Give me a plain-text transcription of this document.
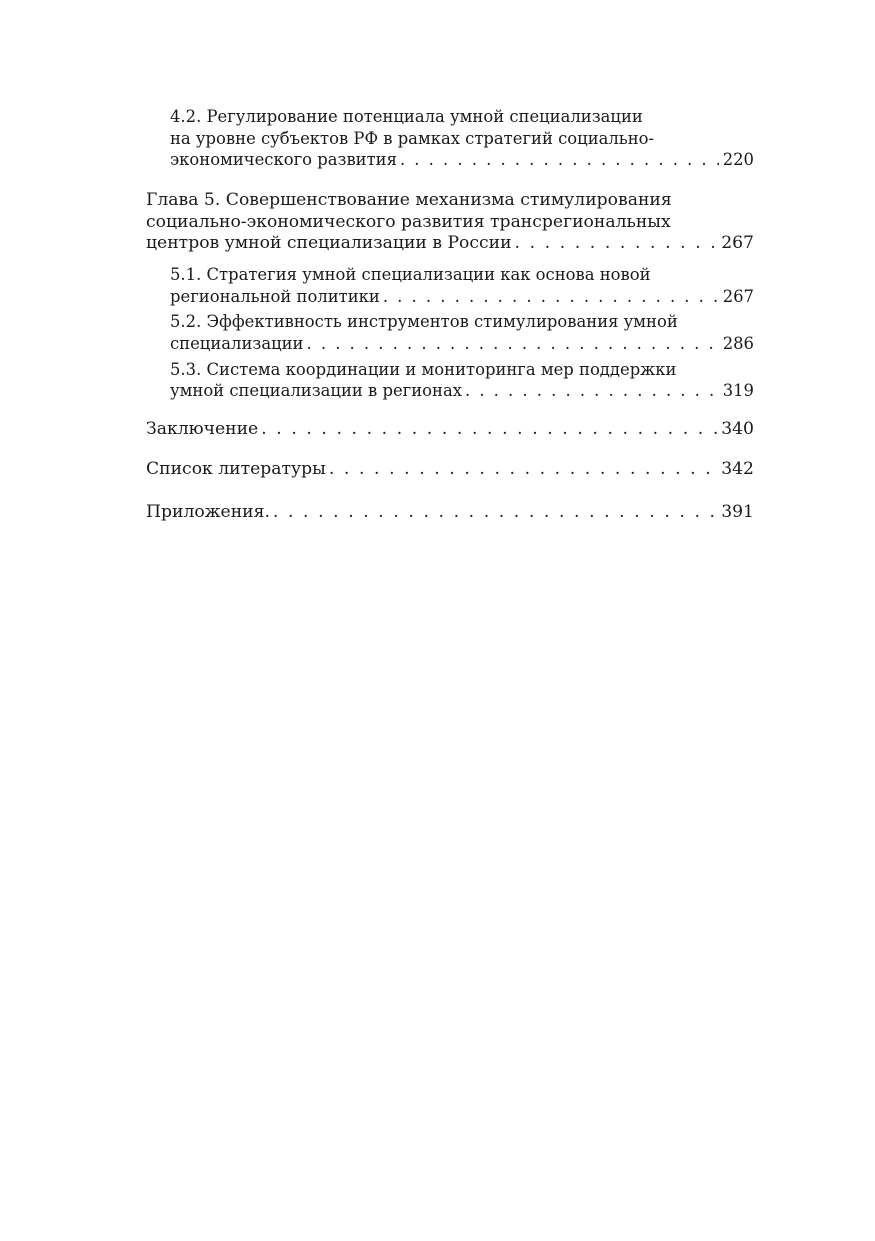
4.2. Регулирование потенциала умной специализации
на уровне субъектов РФ в рамках стратегий социально-
экономического развития . . .	220
Глава 5. Совершенствование механизма стимулирования
социально-экономического развития трансрегиональных
центров умной специализации в России . . .	267
5.1. Стратегия умной специализации как основа новой
региональной политики . . .	267
5.2. Эффективность инструментов стимулирования умной
специализации . . .	286
5.3. Система координации и мониторинга мер поддержки
умной специализации в регионах . . .	319
Заключение . . .	340
Список литературы . . .	342
Приложения. . . .	391
